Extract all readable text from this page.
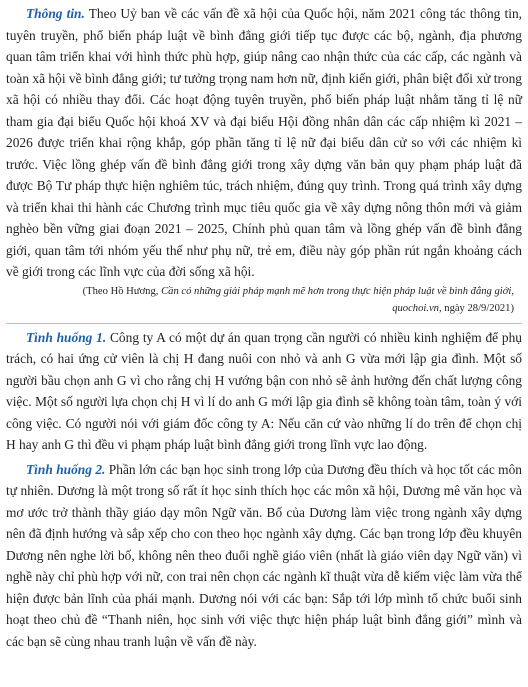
Thông tin. Theo Uỷ ban về các vấn đề xã hội của Quốc hội, năm 2021 công tác thông tin, tuyên truyền, phổ biến pháp luật về bình đẳng giới tiếp tục được các bộ, ngành, địa phương quan tâm triển khai với hình thức phù hợp, giúp nâng cao nhận thức của các cấp, các ngành và toàn xã hội về bình đẳng giới; tư tưởng trọng nam hơn nữ, định kiến giới, phân biệt đối xử trong xã hội có nhiều thay đổi. Các hoạt động tuyên truyền, phổ biến pháp luật nhằm tăng tỉ lệ nữ tham gia đại biểu Quốc hội khoá XV và đại biểu Hội đồng nhân dân các cấp nhiệm kì 2021 – 2026 được triển khai rộng khắp, góp phần tăng tỉ lệ nữ đại biểu dân cử so với các nhiệm kì trước. Việc lồng ghép vấn đề bình đẳng giới trong xây dựng văn bản quy phạm pháp luật đã được Bộ Tư pháp thực hiện nghiêm túc, trách nhiệm, đúng quy trình. Trong quá trình xây dựng và triển khai thi hành các Chương trình mục tiêu quốc gia về xây dựng nông thôn mới và giảm nghèo bền vững giai đoạn 2021 – 2025, Chính phủ quan tâm và lồng ghép vấn đề bình đẳng giới, quan tâm tới nhóm yếu thế như phụ nữ, trẻ em, điều này góp phần rút ngắn khoảng cách về giới trong các lĩnh vực của đời sống xã hội.

(Theo Hồ Hương, Cần có những giải pháp mạnh mẽ hơn trong thực hiện pháp luật về bình đẳng giới,
quochoi.vn, ngày 28/9/2021)

Tình huống 1. Công ty A có một dự án quan trọng cần người có nhiều kinh nghiệm để phụ trách, có hai ứng cử viên là chị H đang nuôi con nhỏ và anh G vừa mới lập gia đình. Một số người bầu chọn anh G vì cho rằng chị H vướng bận con nhỏ sẽ ảnh hưởng đến chất lượng công việc. Một số người lựa chọn chị H vì lí do anh G mới lập gia đình sẽ không toàn tâm, toàn ý với công việc. Có người nói với giám đốc công ty A: Nếu căn cứ vào những lí do trên để chọn chị H hay anh G thì đều vi phạm pháp luật bình đẳng giới trong lĩnh vực lao động.

Tình huống 2. Phần lớn các bạn học sinh trong lớp của Dương đều thích và học tốt các môn tự nhiên. Dương là một trong số rất ít học sinh thích học các môn xã hội, Dương mê văn học và mơ ước trở thành thầy giáo dạy môn Ngữ văn. Bố của Dương làm việc trong ngành xây dựng nên đã định hướng và sắp xếp cho con theo học ngành xây dựng. Các bạn trong lớp đều khuyên Dương nên nghe lời bố, không nên theo đuổi nghề giáo viên (nhất là giáo viên dạy Ngữ văn) vì nghề này chỉ phù hợp với nữ, con trai nên chọn các ngành kĩ thuật vừa dễ kiếm việc làm vừa thể hiện được bản lĩnh của phái mạnh. Dương nói với các bạn: Sắp tới lớp mình tổ chức buổi sinh hoạt theo chủ đề “Thanh niên, học sinh với việc thực hiện pháp luật bình đẳng giới” mình và các bạn sẽ cùng nhau tranh luận về vấn đề này.
